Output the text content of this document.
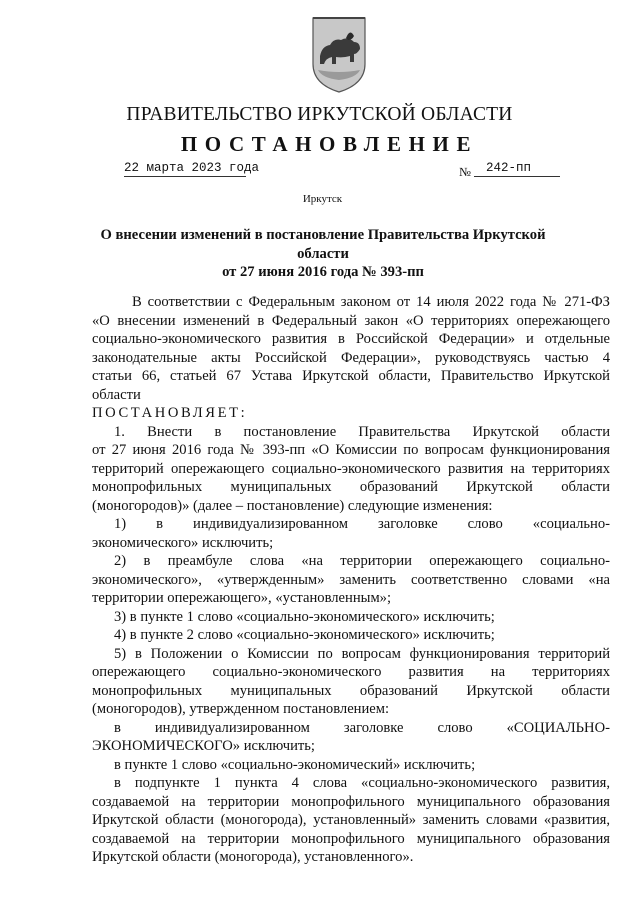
ПРАВИТЕЛЬСТВО ИРКУТСКОЙ ОБЛАСТИ
ПОСТАНОВЛЕНИЕ
22 марта 2023 года	№	242-пп
Иркутск
О внесении изменений в постановление Правительства Иркутской области
от 27 июня 2016 года № 393-пп

В соответствии с Федеральным законом от 14 июля 2022 года № 271-ФЗ

«О внесении изменений в Федеральный закон «О территориях опережающего

социально-экономического развития в Российской Федерации» и отдельные

законодательные акты Российской Федерации», руководствуясь частью 4

статьи 66, статьей 67 Устава Иркутской области, Правительство Иркутской

области

ПОСТАНОВЛЯЕТ:

1. Внести в постановление Правительства Иркутской области

от 27 июня 2016 года № 393-пп «О Комиссии по вопросам функционирования

территорий опережающего социально-экономического развития на территориях

монопрофильных муниципальных образований Иркутской области

(моногородов)» (далее – постановление) следующие изменения:

1) в индивидуализированном заголовке слово «социально-

экономического» исключить;

2) в преамбуле слова «на территории опережающего социально-

экономического», «утвержденным» заменить соответственно словами «на

территории опережающего», «установленным»;

3) в пункте 1 слово «социально-экономического» исключить;

4) в пункте 2 слово «социально-экономического» исключить;

5) в Положении о Комиссии по вопросам функционирования территорий

опережающего социально-экономического развития на территориях

монопрофильных муниципальных образований Иркутской области

(моногородов), утвержденном постановлением:

в индивидуализированном заголовке слово «СОЦИАЛЬНО-

ЭКОНОМИЧЕСКОГО» исключить;

в пункте 1 слово «социально-экономический» исключить;

в подпункте 1 пункта 4 слова «социально-экономического развития,

создаваемой на территории монопрофильного муниципального образования

Иркутской области (моногорода), установленный» заменить словами «развития,

создаваемой на территории монопрофильного муниципального образования

Иркутской области (моногорода), установленного».
